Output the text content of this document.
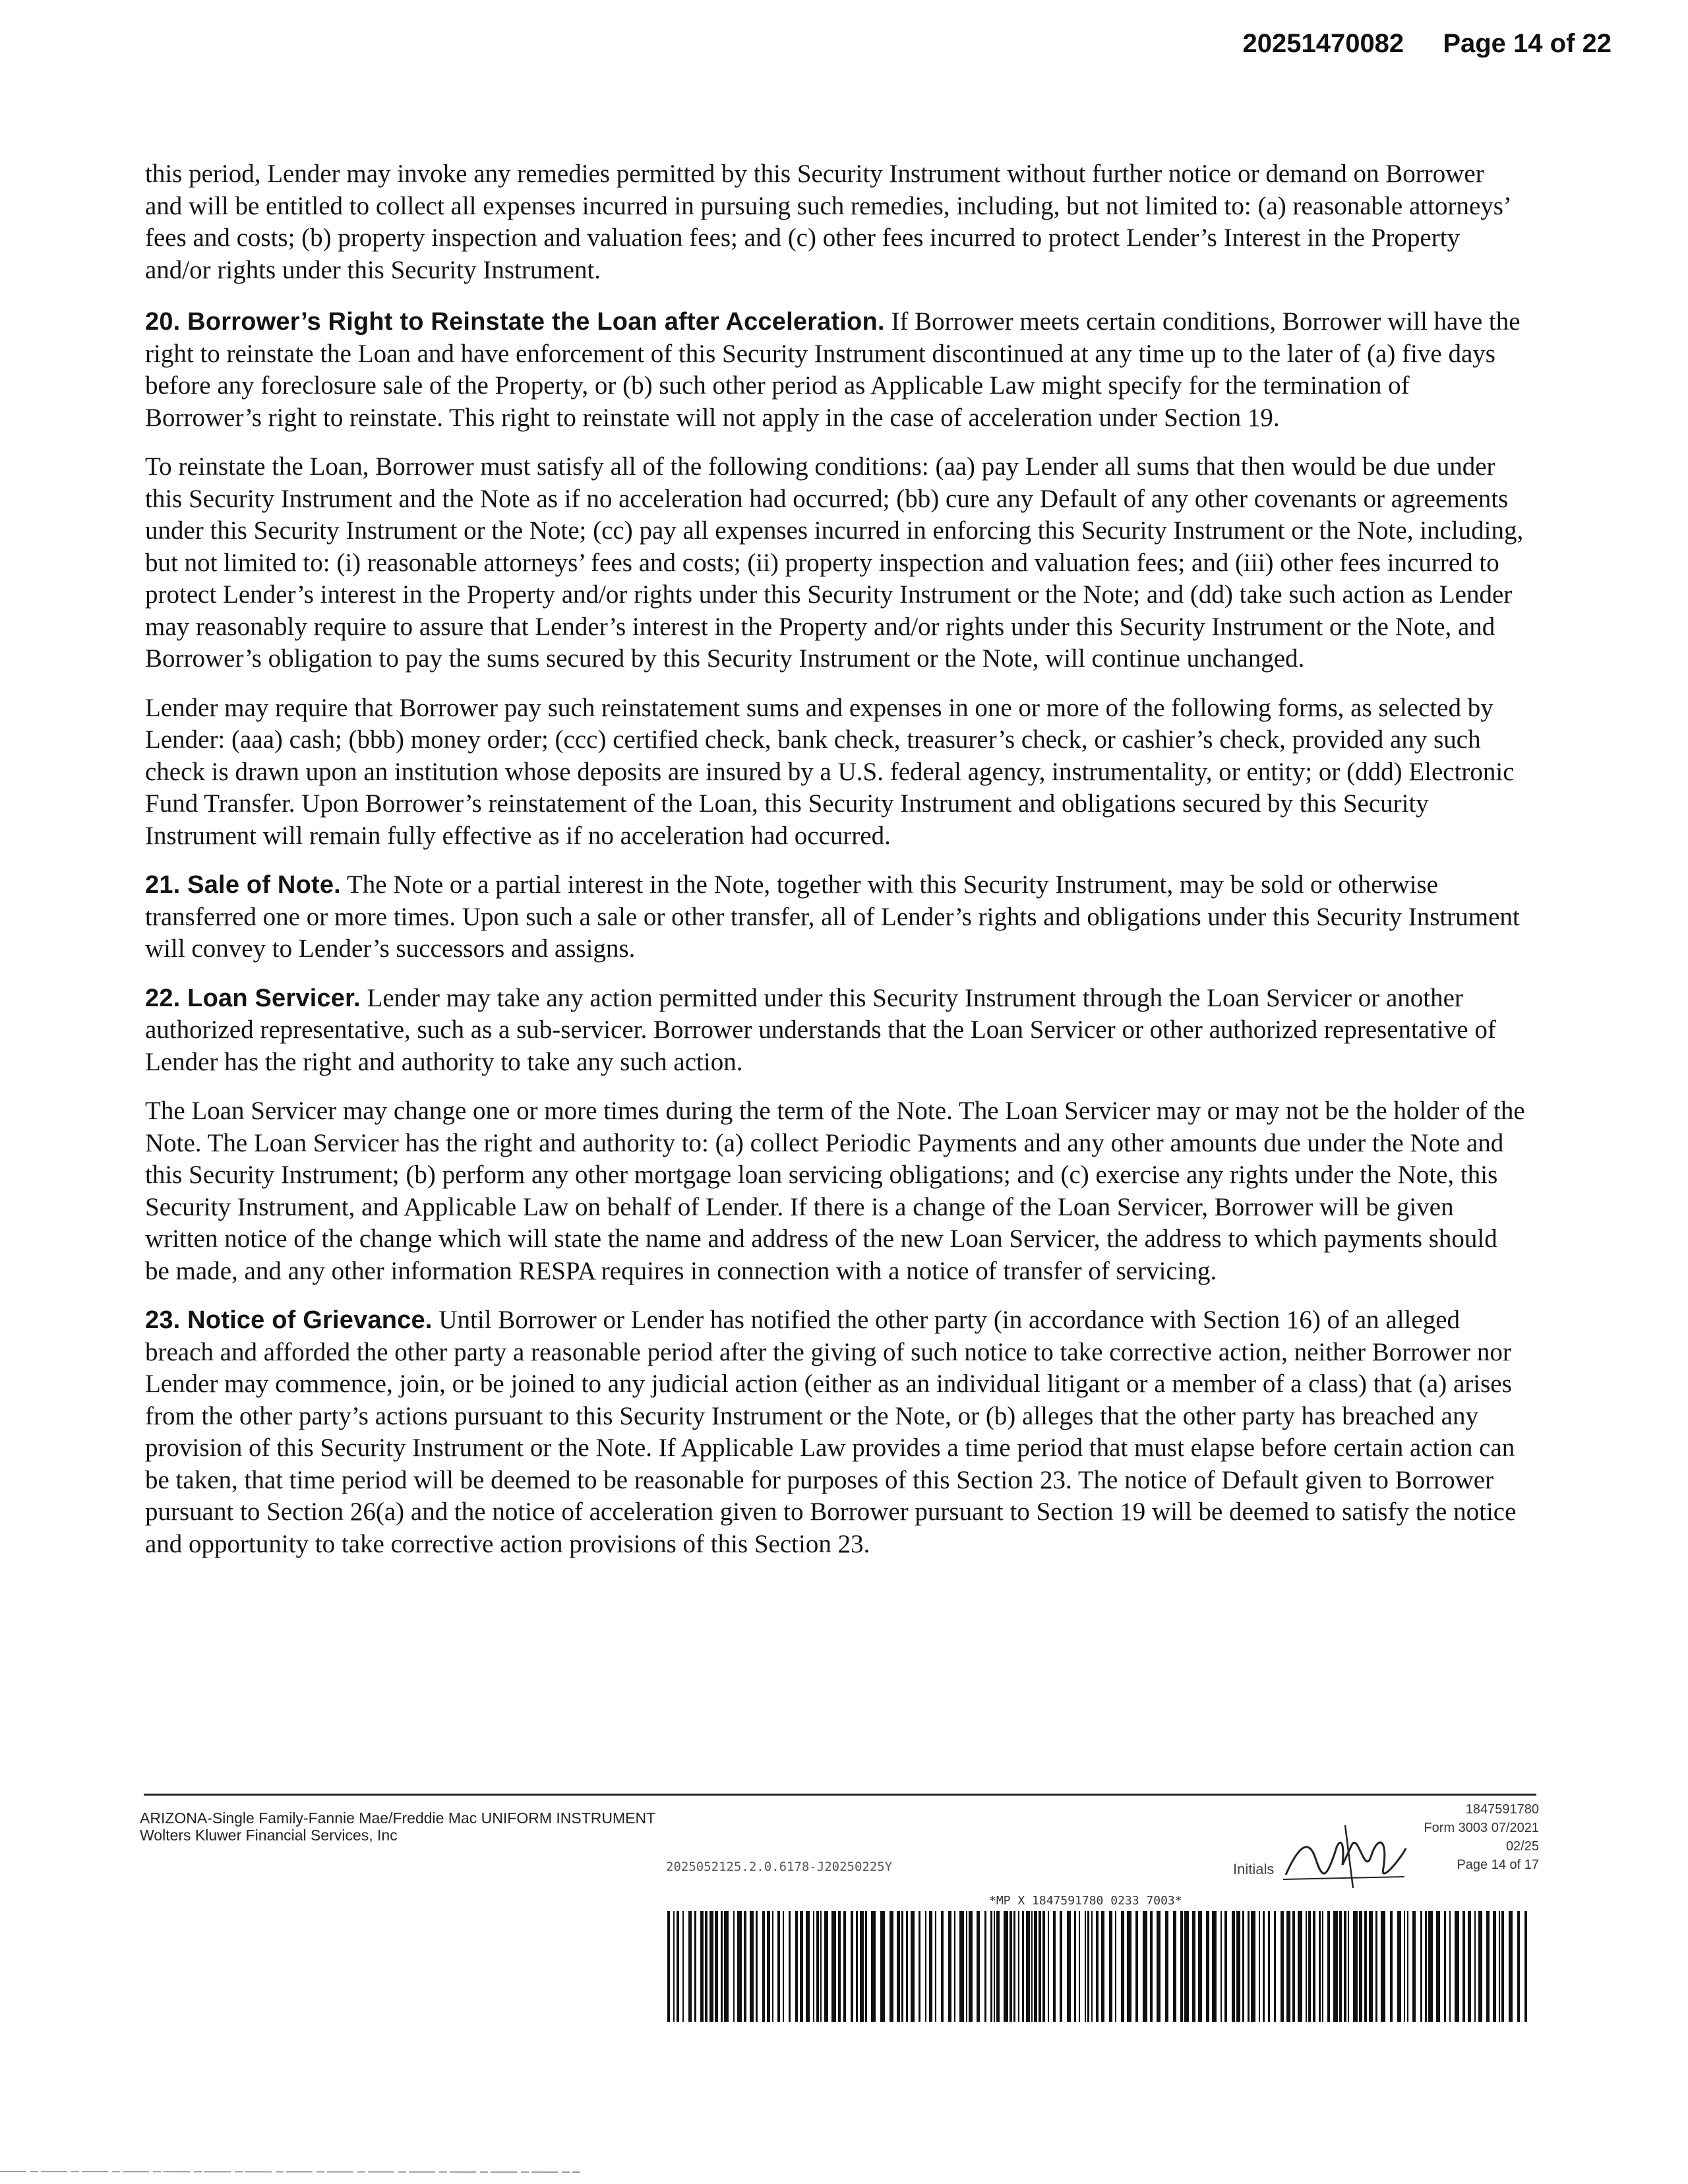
20251470082 Page 14 of 22

this period, Lender may invoke any remedies permitted by this Security Instrument without further notice or demand on Borrower and will be entitled to collect all expenses incurred in pursuing such remedies, including, but not limited to: (a) reasonable attorneys’ fees and costs; (b) property inspection and valuation fees; and (c) other fees incurred to protect Lender’s Interest in the Property and/or rights under this Security Instrument.

20. Borrower’s Right to Reinstate the Loan after Acceleration. If Borrower meets certain conditions, Borrower will have the right to reinstate the Loan and have enforcement of this Security Instrument discontinued at any time up to the later of (a) five days before any foreclosure sale of the Property, or (b) such other period as Applicable Law might specify for the termination of Borrower’s right to reinstate. This right to reinstate will not apply in the case of acceleration under Section 19.

To reinstate the Loan, Borrower must satisfy all of the following conditions: (aa) pay Lender all sums that then would be due under this Security Instrument and the Note as if no acceleration had occurred; (bb) cure any Default of any other covenants or agreements under this Security Instrument or the Note; (cc) pay all expenses incurred in enforcing this Security Instrument or the Note, including, but not limited to: (i) reasonable attorneys’ fees and costs; (ii) property inspection and valuation fees; and (iii) other fees incurred to protect Lender’s interest in the Property and/or rights under this Security Instrument or the Note; and (dd) take such action as Lender may reasonably require to assure that Lender’s interest in the Property and/or rights under this Security Instrument or the Note, and Borrower’s obligation to pay the sums secured by this Security Instrument or the Note, will continue unchanged.

Lender may require that Borrower pay such reinstatement sums and expenses in one or more of the following forms, as selected by Lender: (aaa) cash; (bbb) money order; (ccc) certified check, bank check, treasurer’s check, or cashier’s check, provided any such check is drawn upon an institution whose deposits are insured by a U.S. federal agency, instrumentality, or entity; or (ddd) Electronic Fund Transfer. Upon Borrower’s reinstatement of the Loan, this Security Instrument and obligations secured by this Security Instrument will remain fully effective as if no acceleration had occurred.

21. Sale of Note. The Note or a partial interest in the Note, together with this Security Instrument, may be sold or otherwise transferred one or more times. Upon such a sale or other transfer, all of Lender’s rights and obligations under this Security Instrument will convey to Lender’s successors and assigns.

22. Loan Servicer. Lender may take any action permitted under this Security Instrument through the Loan Servicer or another authorized representative, such as a sub-servicer. Borrower understands that the Loan Servicer or other authorized representative of Lender has the right and authority to take any such action.

The Loan Servicer may change one or more times during the term of the Note. The Loan Servicer may or may not be the holder of the Note. The Loan Servicer has the right and authority to: (a) collect Periodic Payments and any other amounts due under the Note and this Security Instrument; (b) perform any other mortgage loan servicing obligations; and (c) exercise any rights under the Note, this Security Instrument, and Applicable Law on behalf of Lender. If there is a change of the Loan Servicer, Borrower will be given written notice of the change which will state the name and address of the new Loan Servicer, the address to which payments should be made, and any other information RESPA requires in connection with a notice of transfer of servicing.

23. Notice of Grievance. Until Borrower or Lender has notified the other party (in accordance with Section 16) of an alleged breach and afforded the other party a reasonable period after the giving of such notice to take corrective action, neither Borrower nor Lender may commence, join, or be joined to any judicial action (either as an individual litigant or a member of a class) that (a) arises from the other party’s actions pursuant to this Security Instrument or the Note, or (b) alleges that the other party has breached any provision of this Security Instrument or the Note. If Applicable Law provides a time period that must elapse before certain action can be taken, that time period will be deemed to be reasonable for purposes of this Section 23. The notice of Default given to Borrower pursuant to Section 26(a) and the notice of acceleration given to Borrower pursuant to Section 19 will be deemed to satisfy the notice and opportunity to take corrective action provisions of this Section 23.

ARIZONA-Single Family-Fannie Mae/Freddie Mac UNIFORM INSTRUMENT
Wolters Kluwer Financial Services, Inc
2025052125.2.0.6178-J20250225Y
1847591780
Form 3003 07/2021
02/25
Page 14 of 17
Initials
*MP X 1847591780 0233 7003*
